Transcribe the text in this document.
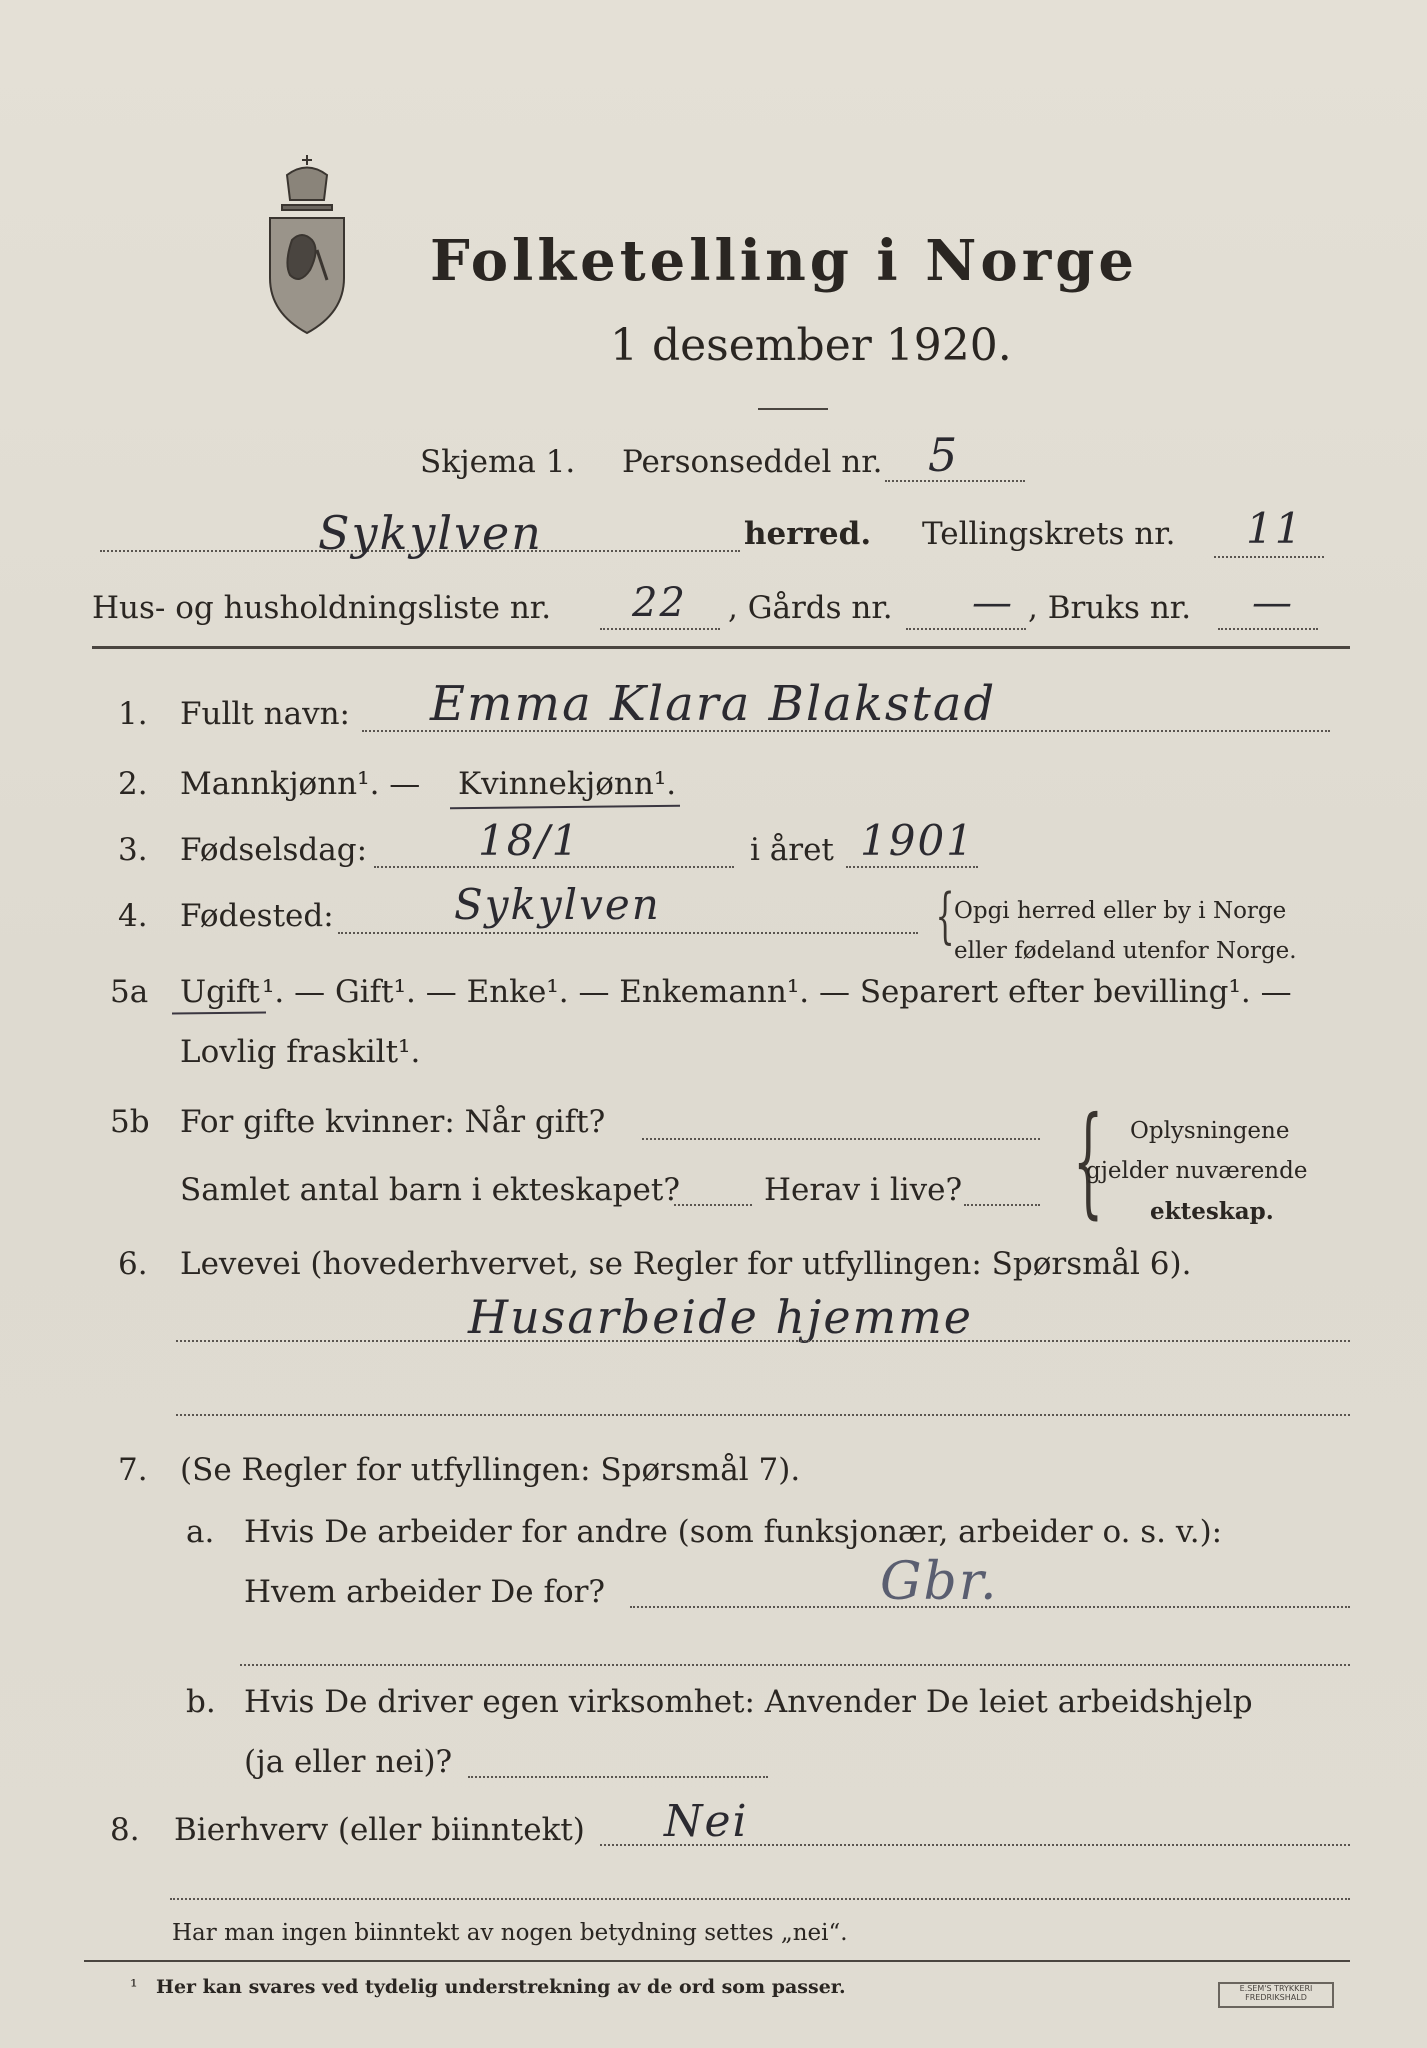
Folketelling i Norge
1 desember 1920.
Skjema 1. Personseddel nr. 5
Sykylven	herred. Tellingskrets nr. 11
Hus- og husholdningsliste nr. 22 , Gårds nr. — , Bruks nr. —
1. Fullt navn: Emma Klara Blakstad
2. Mannkjønn¹. — Kvinnekjønn¹.
3. Fødselsdag:	18/1	i året 1901
4. Fødested:	Sykylven	{ Opgi herred eller by i Norge
eller fødeland utenfor Norge.
5a Ugift ¹. — Gift¹. — Enke¹. — Enkemann¹. — Separert efter bevilling¹. —
Lovlig fraskilt¹.
5b For gifte kvinner: Når gift?
Samlet antal barn i ekteskapet?	Herav i live? { Oplysningene
gjelder nuværende
ekteskap.
6. Levevei (hovederhvervet, se Regler for utfyllingen: Spørsmål 6).
Husarbeide hjemme
7. (Se Regler for utfyllingen: Spørsmål 7).
a. Hvis De arbeider for andre (som funksjonær, arbeider o. s. v.):
Hvem arbeider De for?	Gbr.
b. Hvis De driver egen virksomhet: Anvender De leiet arbeidshjelp
(ja eller nei)?
8. Bierhverv (eller biinntekt) Nei
Har man ingen biinntekt av nogen betydning settes „nei“.
¹ Her kan svares ved tydelig understrekning av de ord som passer.	E.SEM'S TRYKKERI
FREDRIKSHALD
